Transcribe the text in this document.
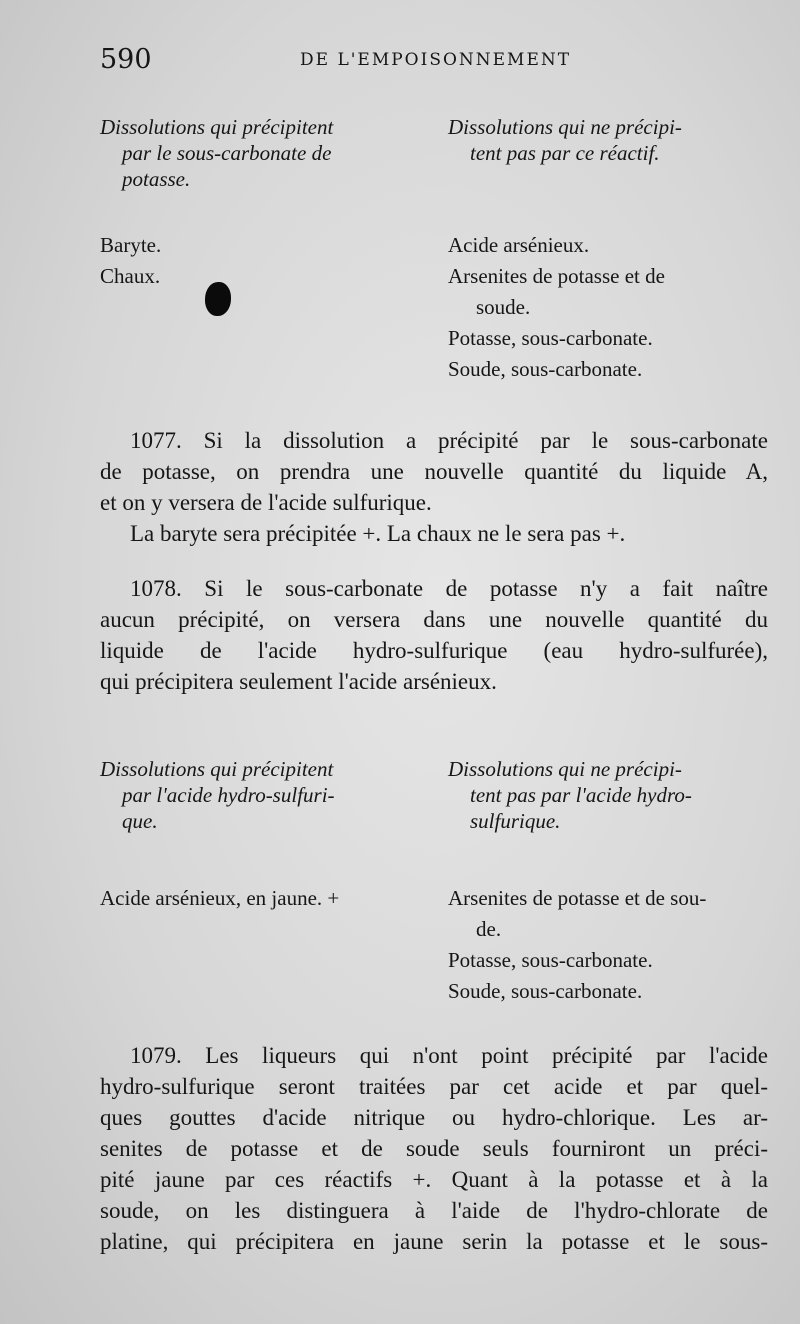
590	DE L'EMPOISONNEMENT
Dissolutions qui précipitent
par le sous-carbonate de
potasse.
Dissolutions qui ne précipi-
tent pas par ce réactif.
Baryte.
Chaux.
Acide arsénieux.
Arsenites de potasse et de
soude.
Potasse, sous-carbonate.
Soude, sous-carbonate.
1077. Si la dissolution a précipité par le sous-carbonate
de potasse, on prendra une nouvelle quantité du liquide A,
et on y versera de l'acide sulfurique.
La baryte sera précipitée +. La chaux ne le sera pas +.
1078. Si le sous-carbonate de potasse n'y a fait naître
aucun précipité, on versera dans une nouvelle quantité du
liquide de l'acide hydro-sulfurique (eau hydro-sulfurée),
qui précipitera seulement l'acide arsénieux.
Dissolutions qui précipitent
par l'acide hydro-sulfuri-
que.
Dissolutions qui ne précipi-
tent pas par l'acide hydro-
sulfurique.
Acide arsénieux, en jaune. +	Arsenites de potasse et de sou-
de.
Potasse, sous-carbonate.
Soude, sous-carbonate.
1079. Les liqueurs qui n'ont point précipité par l'acide
hydro-sulfurique seront traitées par cet acide et par quel-
ques gouttes d'acide nitrique ou hydro-chlorique. Les ar-
senites de potasse et de soude seuls fourniront un préci-
pité jaune par ces réactifs +. Quant à la potasse et à la
soude, on les distinguera à l'aide de l'hydro-chlorate de
platine, qui précipitera en jaune serin la potasse et le sous-
